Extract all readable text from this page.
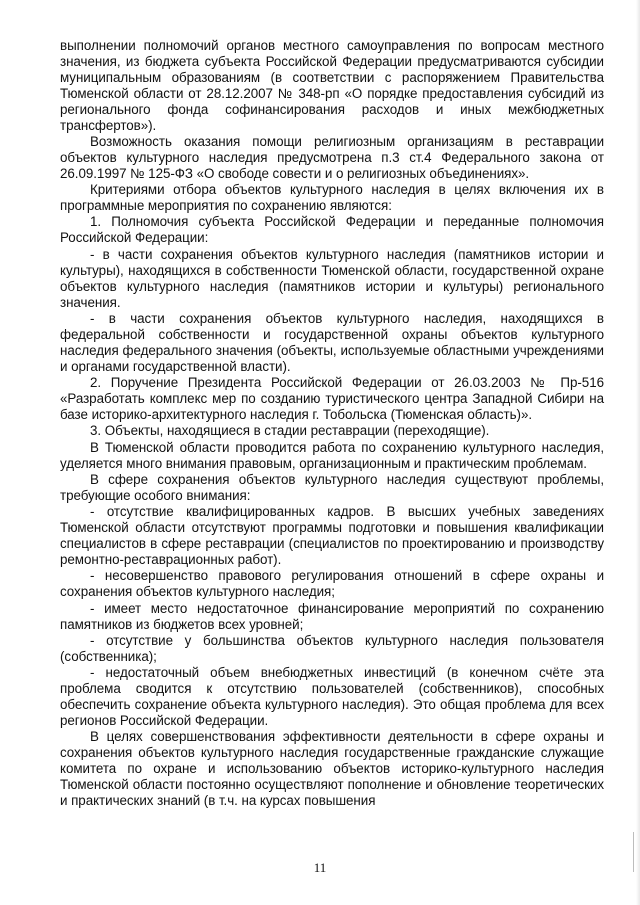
выполнении полномочий органов местного самоуправления по вопросам местного значения, из бюджета субъекта Российской Федерации предусматриваются субсидии муниципальным образованиям (в соответствии с распоряжением Правительства Тюменской области от 28.12.2007 № 348-рп «О порядке предоставления субсидий из регионального фонда софинансирования расходов и иных межбюджетных трансфертов»).

Возможность оказания помощи религиозным организациям в реставрации объектов культурного наследия предусмотрена п.3 ст.4 Федерального закона от 26.09.1997 № 125-ФЗ «О свободе совести и о религиозных объединениях».

Критериями отбора объектов культурного наследия в целях включения их в программные мероприятия по сохранению являются:

1. Полномочия субъекта Российской Федерации и переданные полномочия Российской Федерации:

- в части сохранения объектов культурного наследия (памятников истории и культуры), находящихся в собственности Тюменской области, государственной охране объектов культурного наследия (памятников истории и культуры) регионального значения.

- в части сохранения объектов культурного наследия, находящихся в федеральной собственности и государственной охраны объектов культурного наследия федерального значения (объекты, используемые областными учреждениями и органами государственной власти).

2. Поручение Президента Российской Федерации от 26.03.2003 № Пр-516 «Разработать комплекс мер по созданию туристического центра Западной Сибири на базе историко-архитектурного наследия г. Тобольска (Тюменская область)».

3. Объекты, находящиеся в стадии реставрации (переходящие).

В Тюменской области проводится работа по сохранению культурного наследия, уделяется много внимания правовым, организационным и практическим проблемам.

В сфере сохранения объектов культурного наследия существуют проблемы, требующие особого внимания:

- отсутствие квалифицированных кадров. В высших учебных заведениях Тюменской области отсутствуют программы подготовки и повышения квалификации специалистов в сфере реставрации (специалистов по проектированию и производству ремонтно-реставрационных работ).

- несовершенство правового регулирования отношений в сфере охраны и сохранения объектов культурного наследия;

- имеет место недостаточное финансирование мероприятий по сохранению памятников из бюджетов всех уровней;

- отсутствие у большинства объектов культурного наследия пользователя (собственника);

- недостаточный объем внебюджетных инвестиций (в конечном счёте эта проблема сводится к отсутствию пользователей (собственников), способных обеспечить сохранение объекта культурного наследия). Это общая проблема для всех регионов Российской Федерации.

В целях совершенствования эффективности деятельности в сфере охраны и сохранения объектов культурного наследия государственные гражданские служащие комитета по охране и использованию объектов историко-культурного наследия Тюменской области постоянно осуществляют пополнение и обновление теоретических и практических знаний (в т.ч. на курсах повышения

11
